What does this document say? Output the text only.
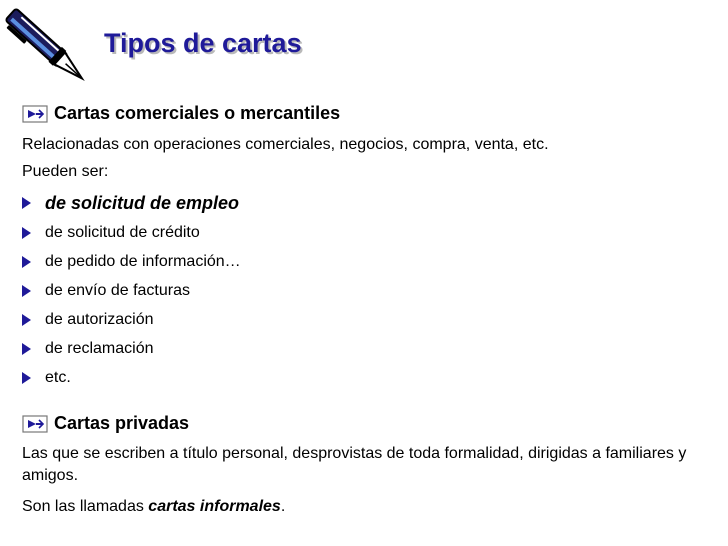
Tipos de cartas
Cartas comerciales o mercantiles
Relacionadas con operaciones comerciales, negocios, compra, venta, etc.
Pueden ser:
de solicitud de empleo
de solicitud de crédito
de pedido de información…
de envío de facturas
de autorización
de reclamación
etc.
Cartas privadas
Las que se escriben a título personal, desprovistas de toda formalidad, dirigidas a familiares y amigos.
Son las llamadas cartas informales.
